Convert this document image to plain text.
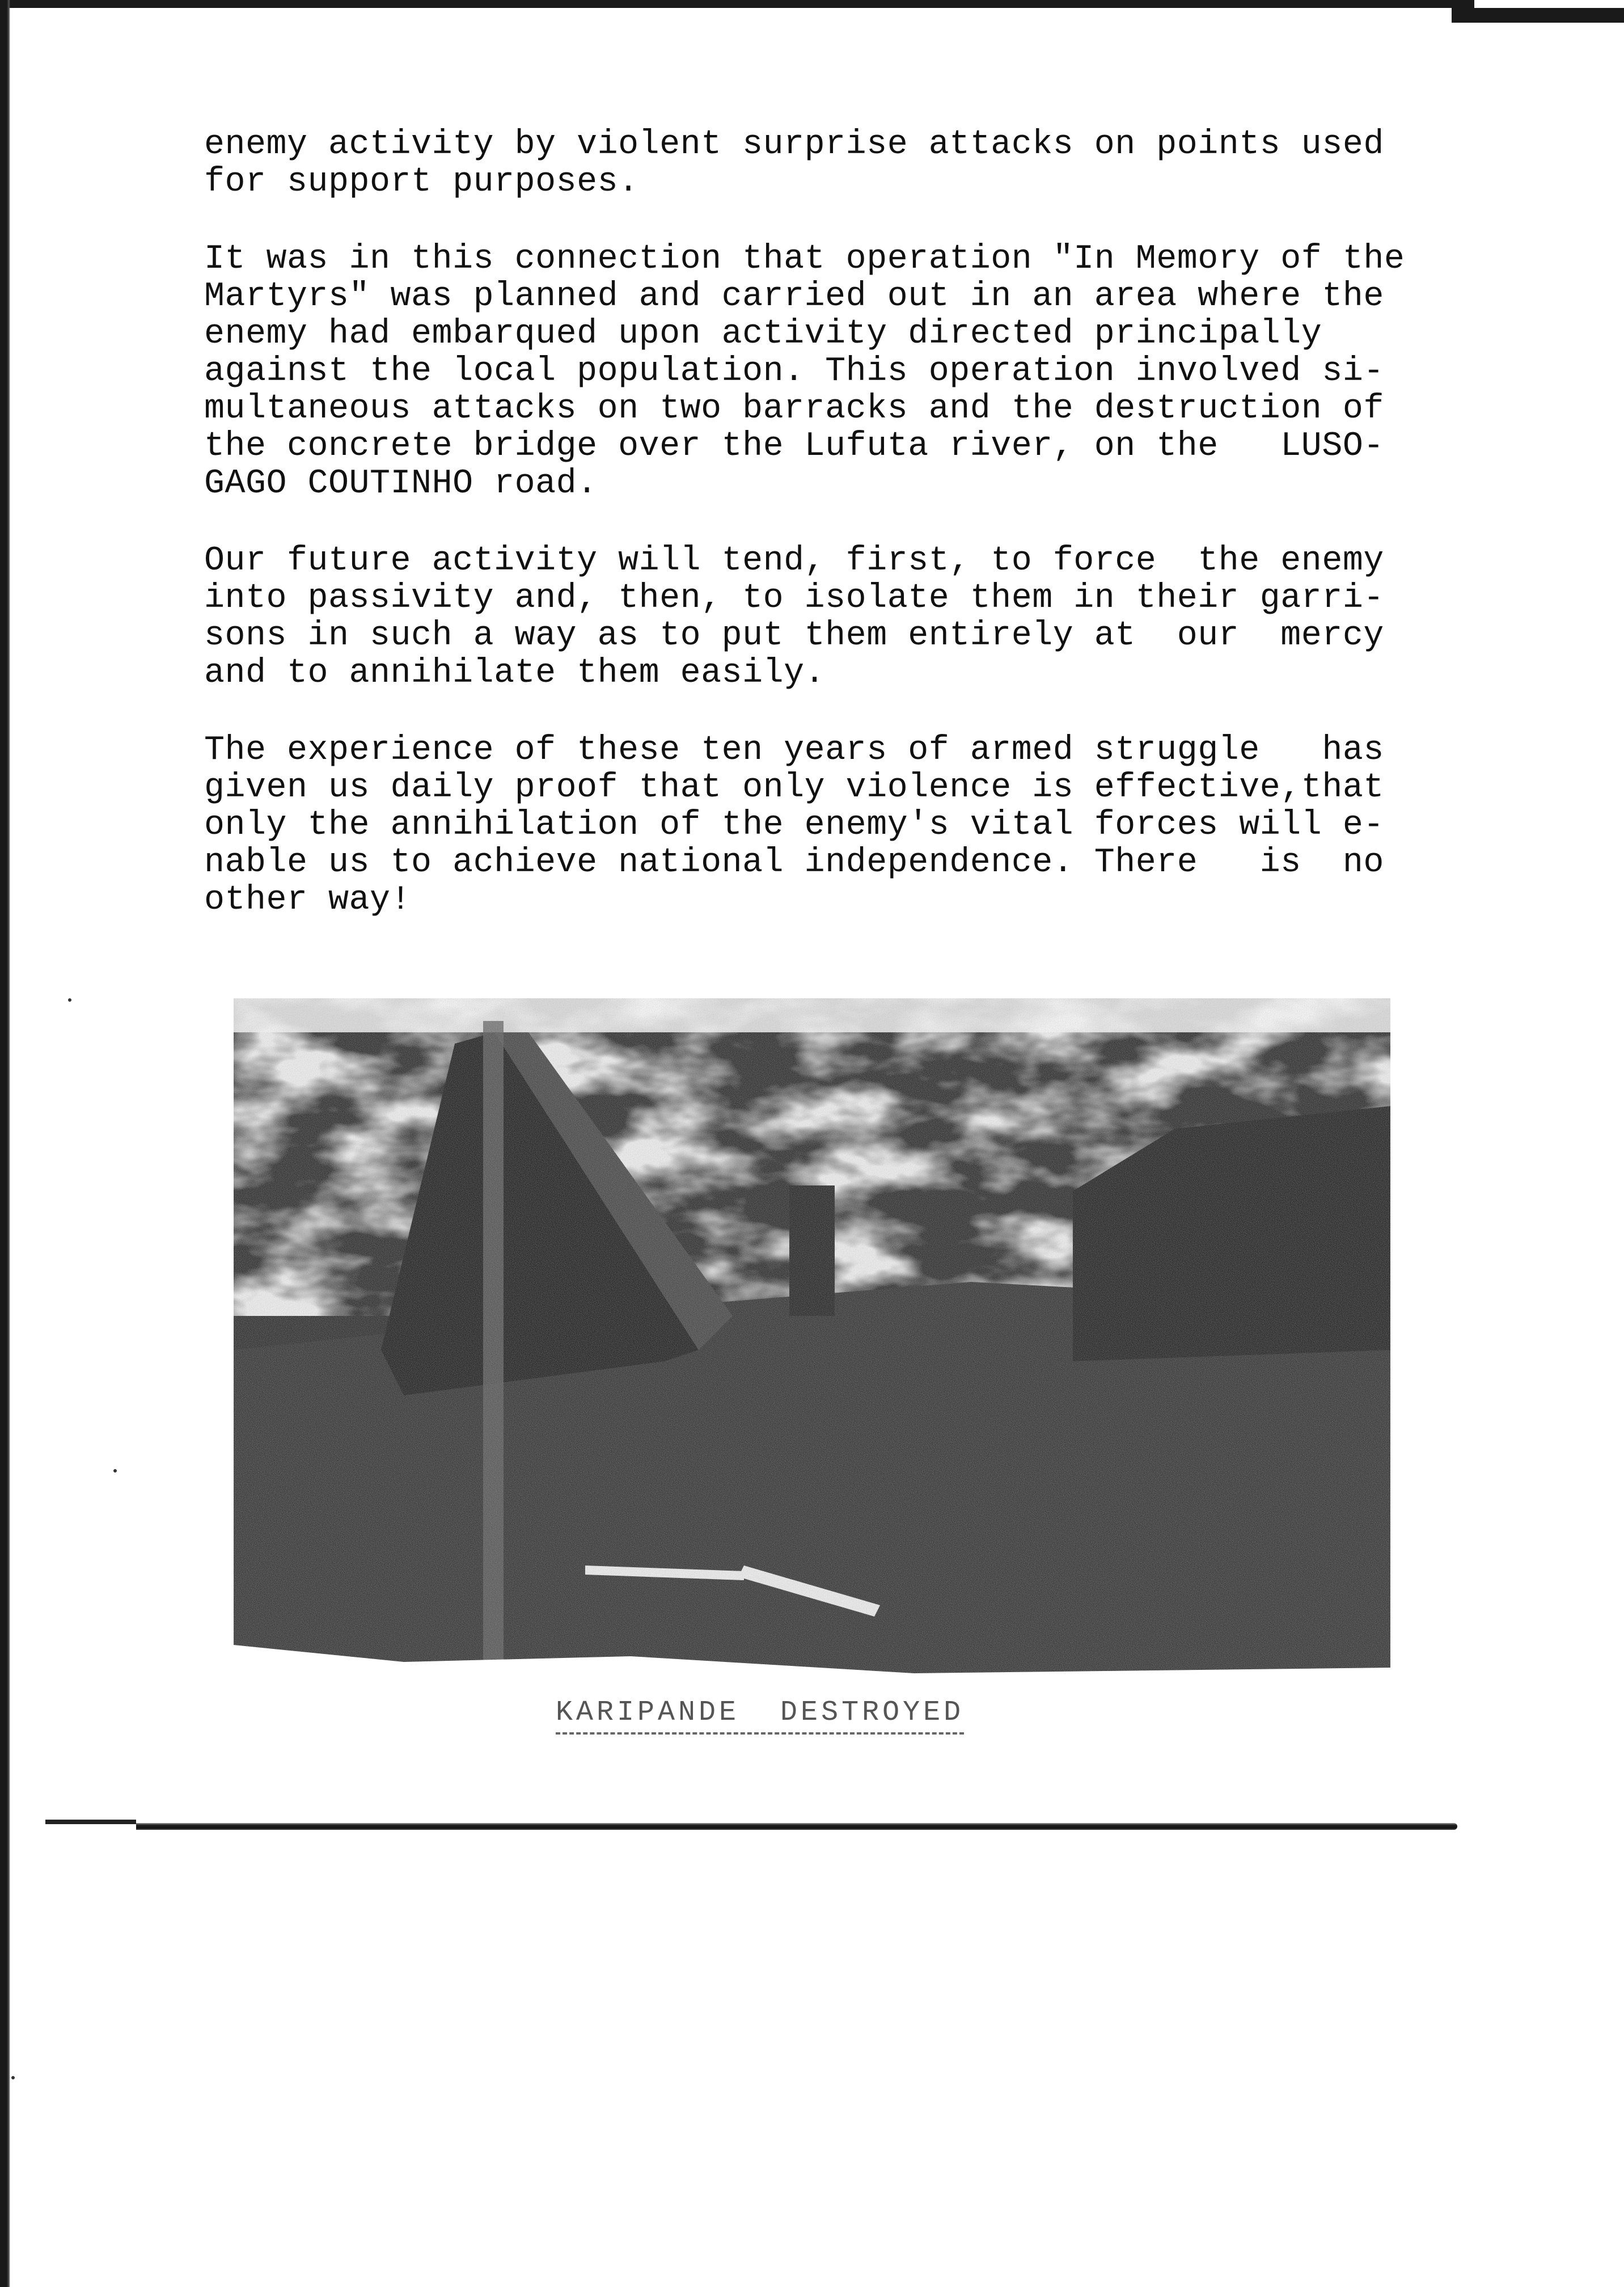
enemy activity by violent surprise attacks on points used
for support purposes.
It was in this connection that operation "In Memory of the
Martyrs" was planned and carried out in an area where the
enemy had embarqued upon activity directed principally
against the local population. This operation involved si-
multaneous attacks on two barracks and the destruction of
the concrete bridge over the Lufuta river, on the   LUSO-
GAGO COUTINHO road.
Our future activity will tend, first, to force  the enemy
into passivity and, then, to isolate them in their garri-
sons in such a way as to put them entirely at  our  mercy
and to annihilate them easily.
The experience of these ten years of armed struggle   has
given us daily proof that only violence is effective,that
only the annihilation of the enemy's vital forces will e-
nable us to achieve national independence. There   is  no
other way!
KARIPANDE  DESTROYED
